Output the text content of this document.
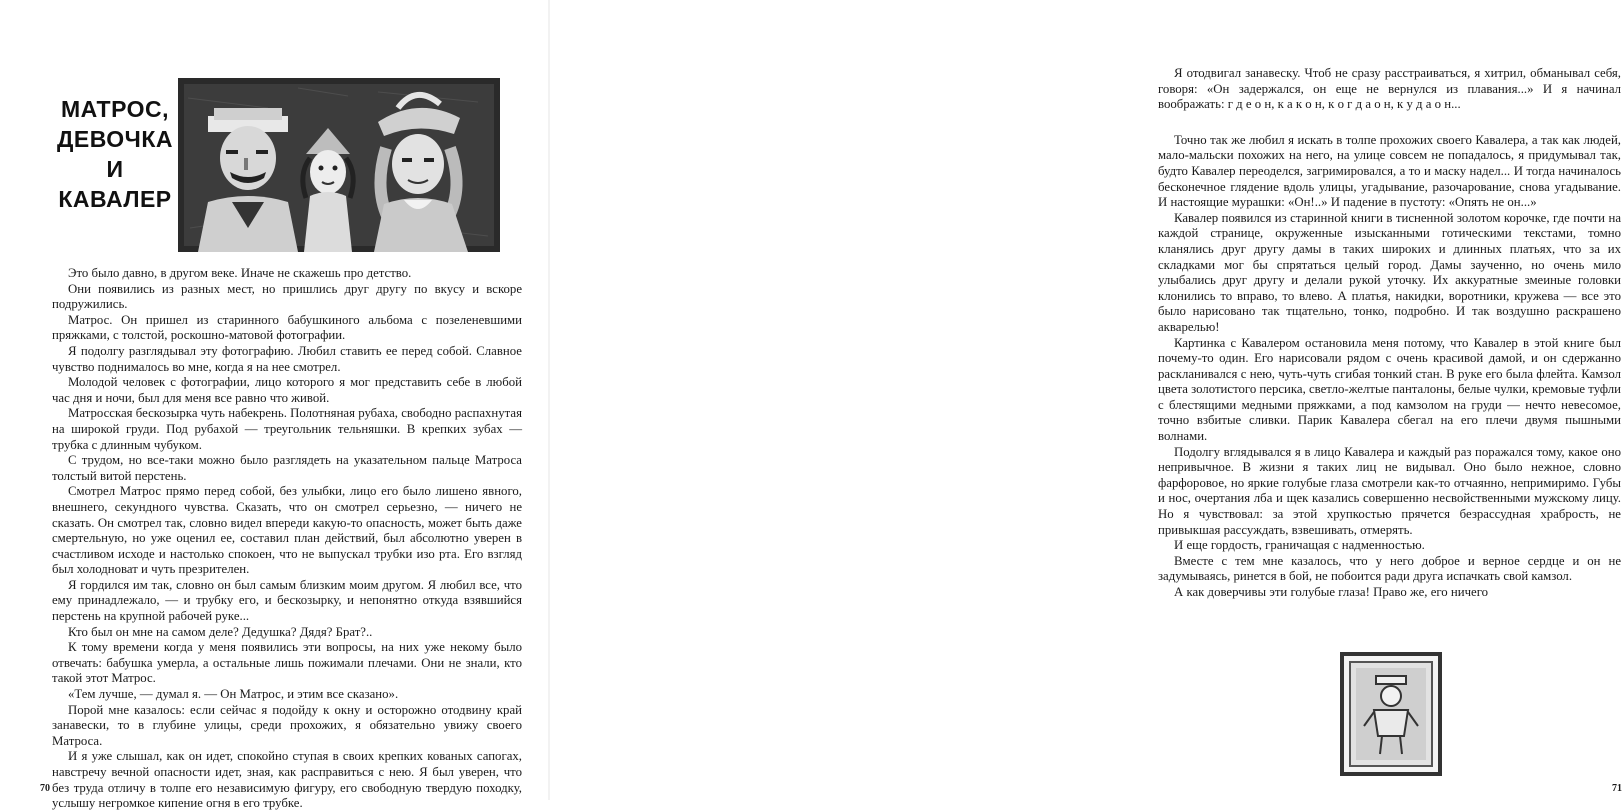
МАТРОС,
ДЕВОЧКА
И
КАВАЛЕР

Это было давно, в другом веке. Иначе не скажешь про детство.

Они появились из разных мест, но пришлись друг другу по вкусу и вскоре подружились.

Матрос. Он пришел из старинного бабушкиного альбома с позеленевшими пряжками, с толстой, роскошно-матовой фотографии.

Я подолгу разглядывал эту фотографию. Любил ставить ее перед собой. Славное чувство поднималось во мне, когда я на нее смотрел.

Молодой человек с фотографии, лицо которого я мог представить себе в любой час дня и ночи, был для меня все равно что живой.

Матросская бескозырка чуть набекрень. Полотняная рубаха, свободно распахнутая на широкой груди. Под рубахой — треугольник тельняшки. В крепких зубах — трубка с длинным чубуком.

С трудом, но все-таки можно было разглядеть на указательном пальце Матроса толстый витой перстень.

Смотрел Матрос прямо перед собой, без улыбки, лицо его было лишено явного, внешнего, секундного чувства. Сказать, что он смотрел серьезно, — ничего не сказать. Он смотрел так, словно видел впереди какую-то опасность, может быть даже смертельную, но уже оценил ее, составил план действий, был абсолютно уверен в счастливом исходе и настолько спокоен, что не выпускал трубки изо рта. Его взгляд был холодноват и чуть презрителен.

Я гордился им так, словно он был самым близким моим другом. Я любил все, что ему принадлежало, — и трубку его, и бескозырку, и непонятно откуда взявшийся перстень на крупной рабочей руке...

Кто был он мне на самом деле? Дедушка? Дядя? Брат?..

К тому времени когда у меня появились эти вопросы, на них уже некому было отвечать: бабушка умерла, а остальные лишь пожимали плечами. Они не знали, кто такой этот Матрос.

«Тем лучше, — думал я. — Он Матрос, и этим все сказано».

Порой мне казалось: если сейчас я подойду к окну и осторожно отодвину край занавески, то в глубине улицы, среди прохожих, я обязательно увижу своего Матроса.

И я уже слышал, как он идет, спокойно ступая в своих крепких кованых сапогах, навстречу вечной опасности идет, зная, как расправиться с нею. Я был уверен, что без труда отличу в толпе его независимую фигуру, его свободную твердую походку, услышу негромкое кипение огня в его трубке.

70

Я отодвигал занавеску. Чтоб не сразу расстраиваться, я хитрил, обманывал себя, говоря: «Он задержался, он еще не вернулся из плавания...» И я начинал воображать: г д е о н, к а к о н, к о г д а о н, к у д а о н...

Точно так же любил я искать в толпе прохожих своего Кавалера, а так как людей, мало-мальски похожих на него, на улице совсем не попадалось, я придумывал так, будто Кавалер переоделся, загримировался, а то и маску надел... И тогда начиналось бесконечное глядение вдоль улицы, угадывание, разочарование, снова угадывание. И настоящие мурашки: «Он!..» И падение в пустоту: «Опять не он...»

Кавалер появился из старинной книги в тисненной золотом корочке, где почти на каждой странице, окруженные изысканными готическими текстами, томно кланялись друг другу дамы в таких широких и длинных платьях, что за их складками мог бы спрятаться целый город. Дамы заученно, но очень мило улыбались друг другу и делали рукой уточку. Их аккуратные змеиные головки клонились то вправо, то влево. А платья, накидки, воротники, кружева — все это было нарисовано так тщательно, тонко, подробно. И так воздушно раскрашено акварелью!

Картинка с Кавалером остановила меня потому, что Кавалер в этой книге был почему-то один. Его нарисовали рядом с очень красивой дамой, и он сдержанно раскланивался с нею, чуть-чуть сгибая тонкий стан. В руке его была флейта. Камзол цвета золотистого персика, светло-желтые панталоны, белые чулки, кремовые туфли с блестящими медными пряжками, а под камзолом на груди — нечто невесомое, точно взбитые сливки. Парик Кавалера сбегал на его плечи двумя пышными волнами.

Подолгу вглядывался я в лицо Кавалера и каждый раз поражался тому, какое оно непривычное. В жизни я таких лиц не видывал. Оно было нежное, словно фарфоровое, но яркие голубые глаза смотрели как-то отчаянно, непримиримо. Губы и нос, очертания лба и щек казались совершенно несвойственными мужскому лицу. Но я чувствовал: за этой хрупкостью прячется безрассудная храбрость, не привыкшая рассуждать, взвешивать, отмерять.

И еще гордость, граничащая с надменностью.

Вместе с тем мне казалось, что у него доброе и верное сердце и он не задумываясь, ринется в бой, не побоится ради друга испачкать свой камзол.

А как доверчивы эти голубые глаза! Право же, его ничего

71
